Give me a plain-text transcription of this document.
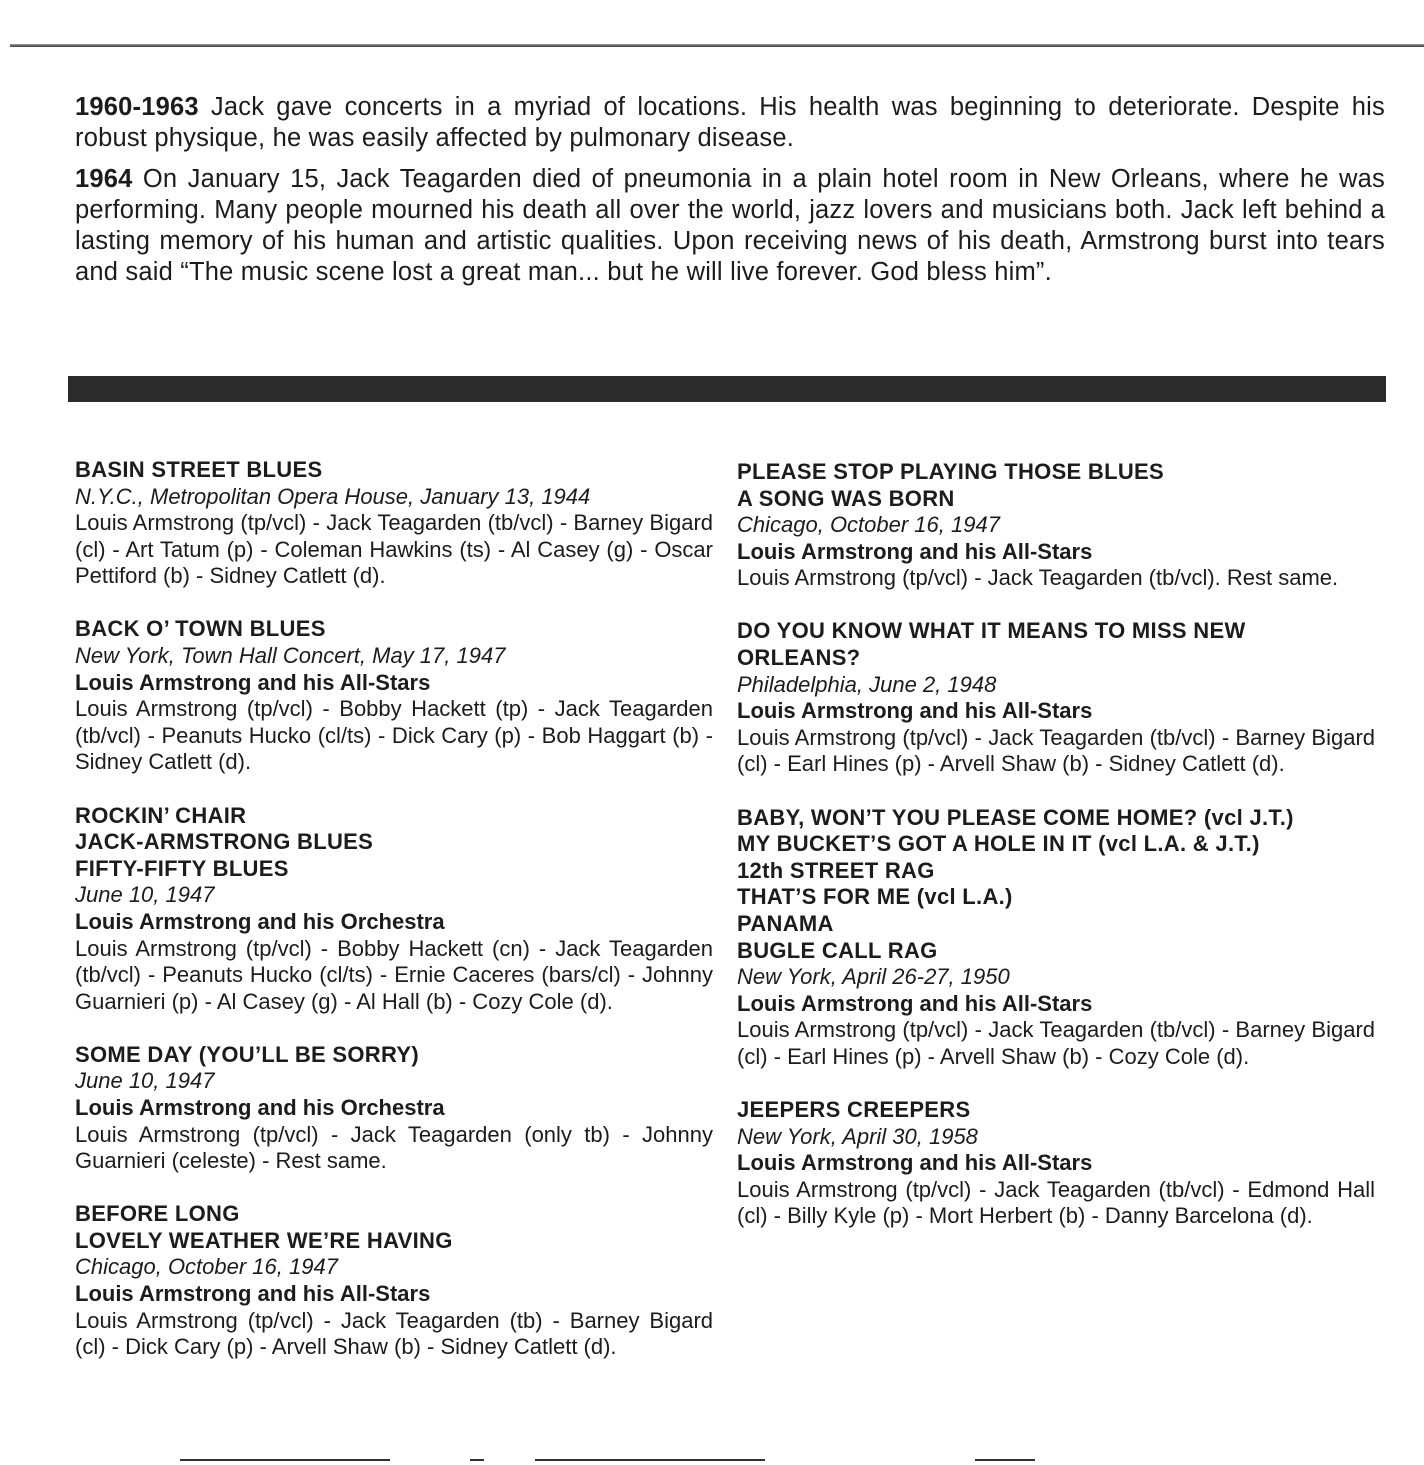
1960-1963 Jack gave concerts in a myriad of locations. His health was beginning to deteriorate. Despite his robust physique, he was easily affected by pulmonary disease.

1964 On January 15, Jack Teagarden died of pneumonia in a plain hotel room in New Orleans, where he was performing. Many people mourned his death all over the world, jazz lovers and musicians both. Jack left behind a lasting memory of his human and artistic qualities. Upon receiving news of his death, Armstrong burst into tears and said “The music scene lost a great man... but he will live forever. God bless him”.

BASIN STREET BLUES
N.Y.C., Metropolitan Opera House, January 13, 1944
Louis Armstrong (tp/vcl) - Jack Teagarden (tb/vcl) - Barney Bigard (cl) - Art Tatum (p) - Coleman Hawkins (ts) - Al Casey (g) - Oscar Pettiford (b) - Sidney Catlett (d).
BACK O’ TOWN BLUES
New York, Town Hall Concert, May 17, 1947
Louis Armstrong and his All-Stars
Louis Armstrong (tp/vcl) - Bobby Hackett (tp) - Jack Teagarden (tb/vcl) - Peanuts Hucko (cl/ts) - Dick Cary (p) - Bob Haggart (b) - Sidney Catlett (d).
ROCKIN’ CHAIR
JACK-ARMSTRONG BLUES
FIFTY-FIFTY BLUES
June 10, 1947
Louis Armstrong and his Orchestra
Louis Armstrong (tp/vcl) - Bobby Hackett (cn) - Jack Teagarden (tb/vcl) - Peanuts Hucko (cl/ts) - Ernie Caceres (bars/cl) - Johnny Guarnieri (p) - Al Casey (g) - Al Hall (b) - Cozy Cole (d).
SOME DAY (YOU’LL BE SORRY)
June 10, 1947
Louis Armstrong and his Orchestra
Louis Armstrong (tp/vcl) - Jack Teagarden (only tb) - Johnny Guarnieri (celeste) - Rest same.
BEFORE LONG
LOVELY WEATHER WE’RE HAVING
Chicago, October 16, 1947
Louis Armstrong and his All-Stars
Louis Armstrong (tp/vcl) - Jack Teagarden (tb) - Barney Bigard (cl) - Dick Cary (p) - Arvell Shaw (b) - Sidney Catlett (d).
PLEASE STOP PLAYING THOSE BLUES
A SONG WAS BORN
Chicago, October 16, 1947
Louis Armstrong and his All-Stars
Louis Armstrong (tp/vcl) - Jack Teagarden (tb/vcl). Rest same.
DO YOU KNOW WHAT IT MEANS TO MISS NEW ORLEANS?
Philadelphia, June 2, 1948
Louis Armstrong and his All-Stars
Louis Armstrong (tp/vcl) - Jack Teagarden (tb/vcl) - Barney Bigard (cl) - Earl Hines (p) - Arvell Shaw (b) - Sidney Catlett (d).
BABY, WON’T YOU PLEASE COME HOME? (vcl J.T.)
MY BUCKET’S GOT A HOLE IN IT (vcl L.A. & J.T.)
12th STREET RAG
THAT’S FOR ME (vcl L.A.)
PANAMA
BUGLE CALL RAG
New York, April 26-27, 1950
Louis Armstrong and his All-Stars
Louis Armstrong (tp/vcl) - Jack Teagarden (tb/vcl) - Barney Bigard (cl) - Earl Hines (p) - Arvell Shaw (b) - Cozy Cole (d).
JEEPERS CREEPERS
New York, April 30, 1958
Louis Armstrong and his All-Stars
Louis Armstrong (tp/vcl) - Jack Teagarden (tb/vcl) - Edmond Hall (cl) - Billy Kyle (p) - Mort Herbert (b) - Danny Barcelona (d).
